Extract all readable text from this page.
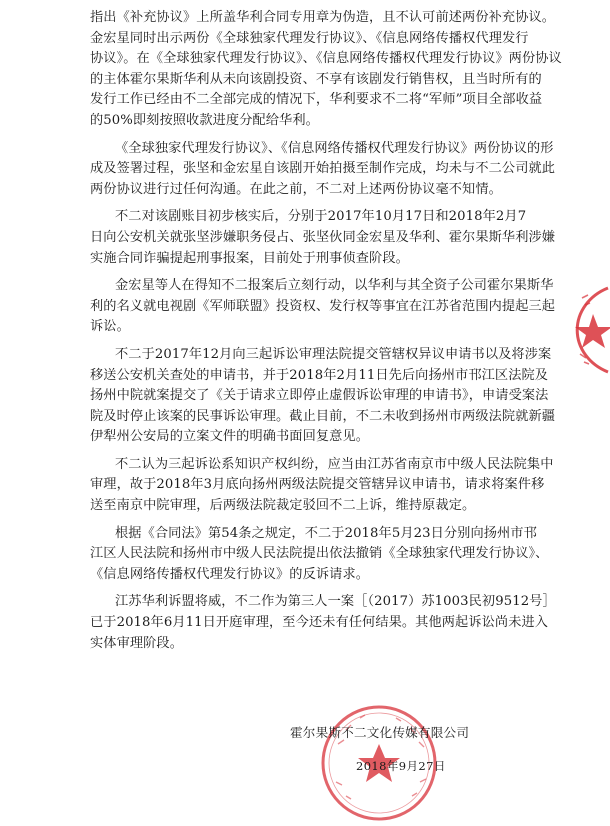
指出《补充协议》上所盖华利合同专用章为伪造，且不认可前述两份补充协议。
金宏星同时出示两份《全球独家代理发行协议》、《信息网络传播权代理发行
协议》。在《全球独家代理发行协议》、《信息网络传播权代理发行协议》两份协议
的主体霍尔果斯华利从未向该剧投资、不享有该剧发行销售权，且当时所有的
发行工作已经由不二全部完成的情况下，华利要求不二将“军师”项目全部收益
的50%即刻按照收款进度分配给华利。
《全球独家代理发行协议》、《信息网络传播权代理发行协议》两份协议的形
成及签署过程，张坚和金宏星自该剧开始拍摄至制作完成，均未与不二公司就此
两份协议进行过任何沟通。在此之前，不二对上述两份协议毫不知情。
不二对该剧账目初步核实后，分别于2017年10月17日和2018年2月7
日向公安机关就张坚涉嫌职务侵占、张坚伙同金宏星及华利、霍尔果斯华利涉嫌
实施合同诈骗提起刑事报案，目前处于刑事侦查阶段。
金宏星等人在得知不二报案后立刻行动，以华利与其全资子公司霍尔果斯华
利的名义就电视剧《军师联盟》投资权、发行权等事宜在江苏省范围内提起三起
诉讼。
不二于2017年12月向三起诉讼审理法院提交管辖权异议申请书以及将涉案
移送公安机关查处的申请书，并于2018年2月11日先后向扬州市邗江区法院及
扬州中院就案提交了《关于请求立即停止虚假诉讼审理的申请书》，申请受案法
院及时停止该案的民事诉讼审理。截止目前，不二未收到扬州市两级法院就新疆
伊犁州公安局的立案文件的明确书面回复意见。
不二认为三起诉讼系知识产权纠纷，应当由江苏省南京市中级人民法院集中
审理，故于2018年3月底向扬州两级法院提交管辖异议申请书，请求将案件移
送至南京中院审理，后两级法院裁定驳回不二上诉，维持原裁定。
根据《合同法》第54条之规定，不二于2018年5月23日分别向扬州市邗
江区人民法院和扬州市中级人民法院提出依法撤销《全球独家代理发行协议》、
《信息网络传播权代理发行协议》的反诉请求。
江苏华利诉盟将威，不二作为第三人一案［（2017）苏1003民初9512号］
已于2018年6月11日开庭审理，至今还未有任何结果。其他两起诉讼尚未进入
实体审理阶段。
霍尔果斯不二文化传媒有限公司
2018年9月27日
